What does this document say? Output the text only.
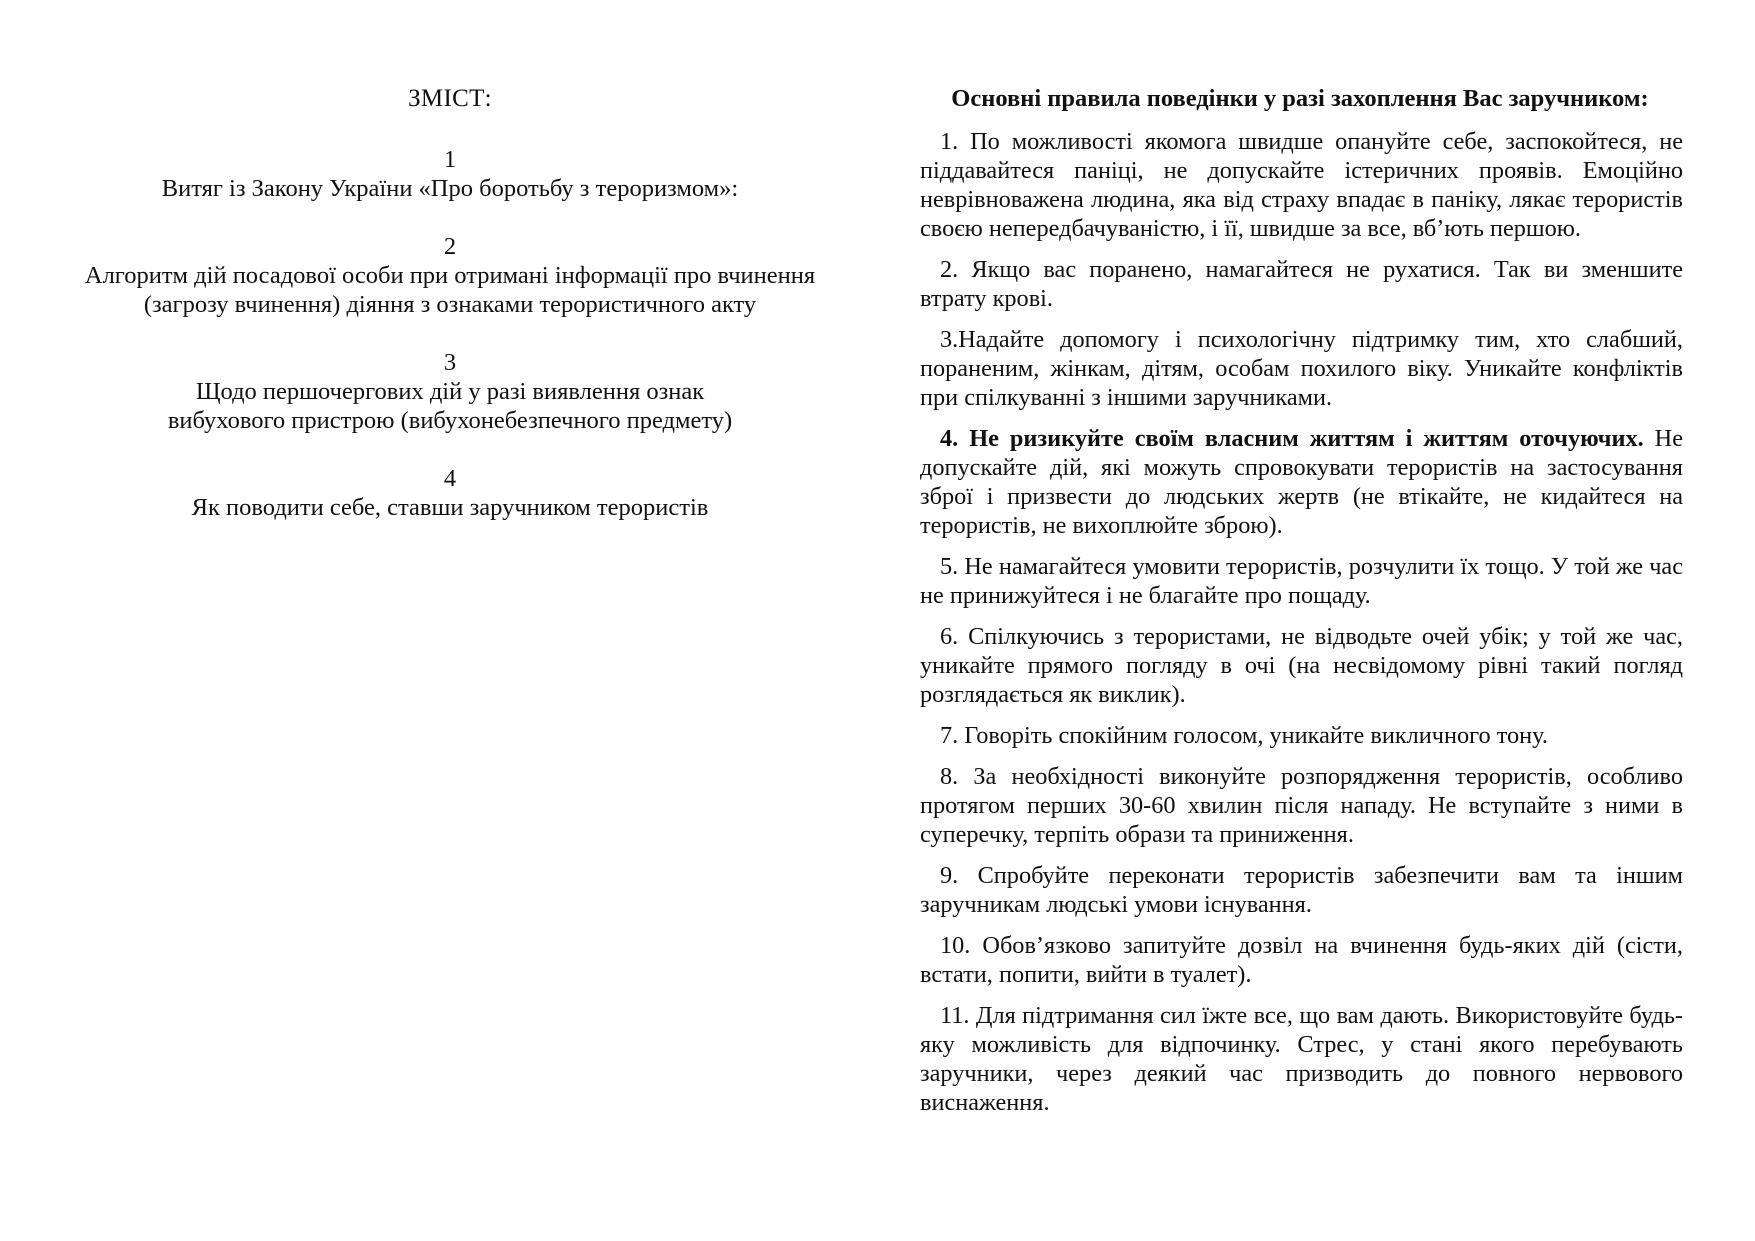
ЗМІСТ:
1
Витяг із Закону України «Про боротьбу з тероризмом»:
2
Алгоритм дій посадової особи при отримані інформації про вчинення
(загрозу вчинення) діяння з ознаками терористичного акту
3
Щодо першочергових дій у разі виявлення ознак
вибухового пристрою (вибухонебезпечного предмету)
4
Як поводити себе, ставши заручником терористів
Основні правила поведінки у разі захоплення Вас заручником:
1. По можливості якомога швидше опануйте себе, заспокойтеся, не піддавайтеся паніці, не допускайте істеричних проявів. Емоційно неврівноважена людина, яка від страху впадає в паніку, лякає терористів своєю непередбачуваністю, і її, швидше за все, вб’ють першою.
2. Якщо вас поранено, намагайтеся не рухатися. Так ви зменшите втрату крові.
3.Надайте допомогу і психологічну підтримку тим, хто слабший, пораненим, жінкам, дітям, особам похилого віку. Уникайте конфліктів при спілкуванні з іншими заручниками.
4. Не ризикуйте своїм власним життям і життям оточуючих. Не допускайте дій, які можуть спровокувати терористів на застосування зброї і призвести до людських жертв (не втікайте, не кидайтеся на терористів, не вихоплюйте зброю).
5. Не намагайтеся умовити терористів, розчулити їх тощо. У той же час не принижуйтеся і не благайте про пощаду.
6. Спілкуючись з терористами, не відводьте очей убік; у той же час, уникайте прямого погляду в очі (на несвідомому рівні такий погляд розглядається як виклик).
7. Говоріть спокійним голосом, уникайте викличного тону.
8. За необхідності виконуйте розпорядження терористів, особливо протягом перших 30-60 хвилин після нападу. Не вступайте з ними в суперечку, терпіть образи та приниження.
9. Спробуйте переконати терористів забезпечити вам та іншим заручникам людські умови існування.
10. Обов’язково запитуйте дозвіл на вчинення будь-яких дій (сісти, встати, попити, вийти в туалет).
11. Для підтримання сил їжте все, що вам дають. Використовуйте будь-яку можливість для відпочинку. Стрес, у стані якого перебувають заручники, через деякий час призводить до повного нервового виснаження.
